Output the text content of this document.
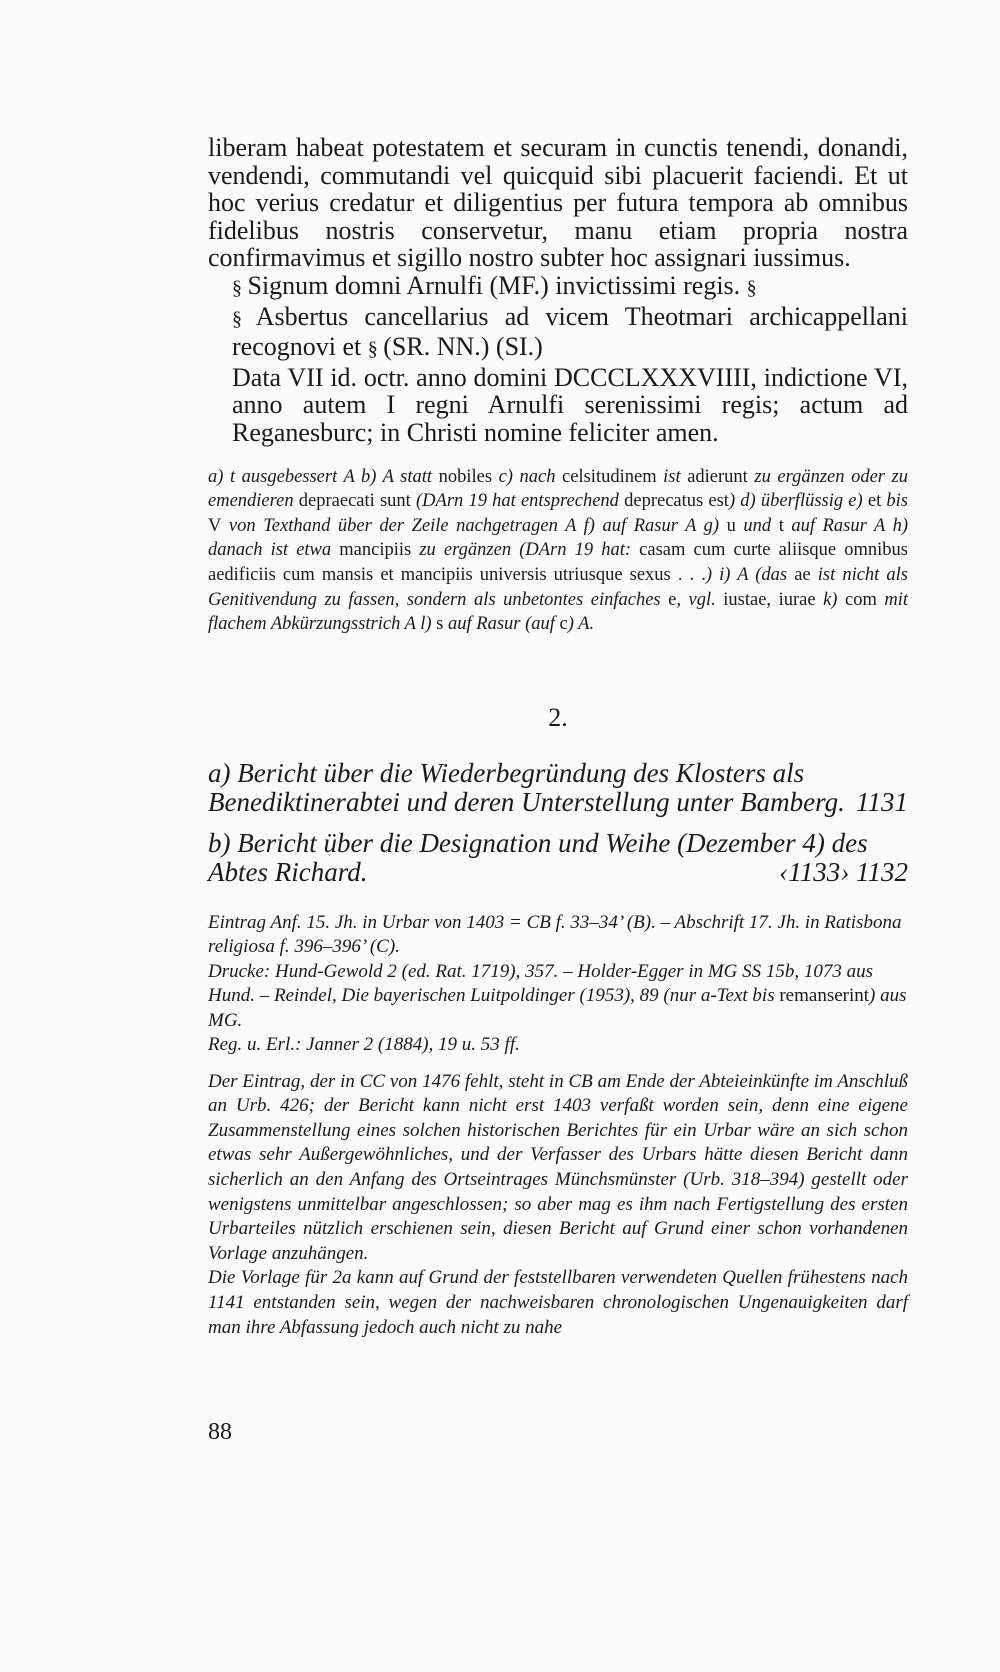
liberam habeat potestatem et securam in cunctis tenendi, donandi, vendendi, commutandi vel quicquid sibi placuerit faciendi. Et ut hoc verius credatur et diligentius per futura tempora ab omnibus fidelibus nostris conservetur, manu etiam propria nostra confirmavimus et sigillo nostro subter hoc assignari iussimus.

§ Signum domni Arnulfi (MF.) invictissimi regis. §

§ Asbertus cancellarius ad vicem Theotmari archicappellani recognovi et § (SR. NN.) (SI.)

Data VII id. octr. anno domini DCCCLXXXVIIII, indictione VI, anno autem I regni Arnulfi serenissimi regis; actum ad Reganesburc; in Christi nomine feliciter amen.

a) t ausgebessert A b) A statt nobiles c) nach celsitudinem ist adierunt zu ergänzen oder zu emendieren depraecati sunt (DArn 19 hat entsprechend deprecatus est) d) überflüssig e) et bis V von Texthand über der Zeile nachgetragen A f) auf Rasur A g) u und t auf Rasur A h) danach ist etwa mancipiis zu ergänzen (DArn 19 hat: casam cum curte aliisque omnibus aedificiis cum mansis et mancipiis universis utriusque sexus . . .) i) A (das ae ist nicht als Genitivendung zu fassen, sondern als unbetontes einfaches e, vgl. iustae, iurae k) com mit flachem Abkürzungsstrich A l) s auf Rasur (auf c) A.

2.
a) Bericht über die Wiederbegründung des Klosters als Benediktinerabtei und deren Unterstellung unter Bamberg. 1131
b) Bericht über die Designation und Weihe (Dezember 4) des Abtes Richard.	‹1133› 1132

Eintrag Anf. 15. Jh. in Urbar von 1403 = CB f. 33–34’ (B). – Abschrift 17. Jh. in Ratisbona religiosa f. 396–396’ (C).

Drucke: Hund-Gewold 2 (ed. Rat. 1719), 357. – Holder-Egger in MG SS 15b, 1073 aus Hund. – Reindel, Die bayerischen Luitpoldinger (1953), 89 (nur a-Text bis remanserint) aus MG.

Reg. u. Erl.: Janner 2 (1884), 19 u. 53 ff.

Der Eintrag, der in CC von 1476 fehlt, steht in CB am Ende der Abteieinkünfte im Anschluß an Urb. 426; der Bericht kann nicht erst 1403 verfaßt worden sein, denn eine eigene Zusammenstellung eines solchen historischen Berichtes für ein Urbar wäre an sich schon etwas sehr Außergewöhnliches, und der Verfasser des Urbars hätte diesen Bericht dann sicherlich an den Anfang des Ortseintrages Münchsmünster (Urb. 318–394) gestellt oder wenigstens unmittelbar angeschlossen; so aber mag es ihm nach Fertigstellung des ersten Urbarteiles nützlich erschienen sein, diesen Bericht auf Grund einer schon vorhandenen Vorlage anzuhängen.

Die Vorlage für 2a kann auf Grund der feststellbaren verwendeten Quellen frühestens nach 1141 entstanden sein, wegen der nachweisbaren chronologischen Ungenauigkeiten darf man ihre Abfassung jedoch auch nicht zu nahe

88
